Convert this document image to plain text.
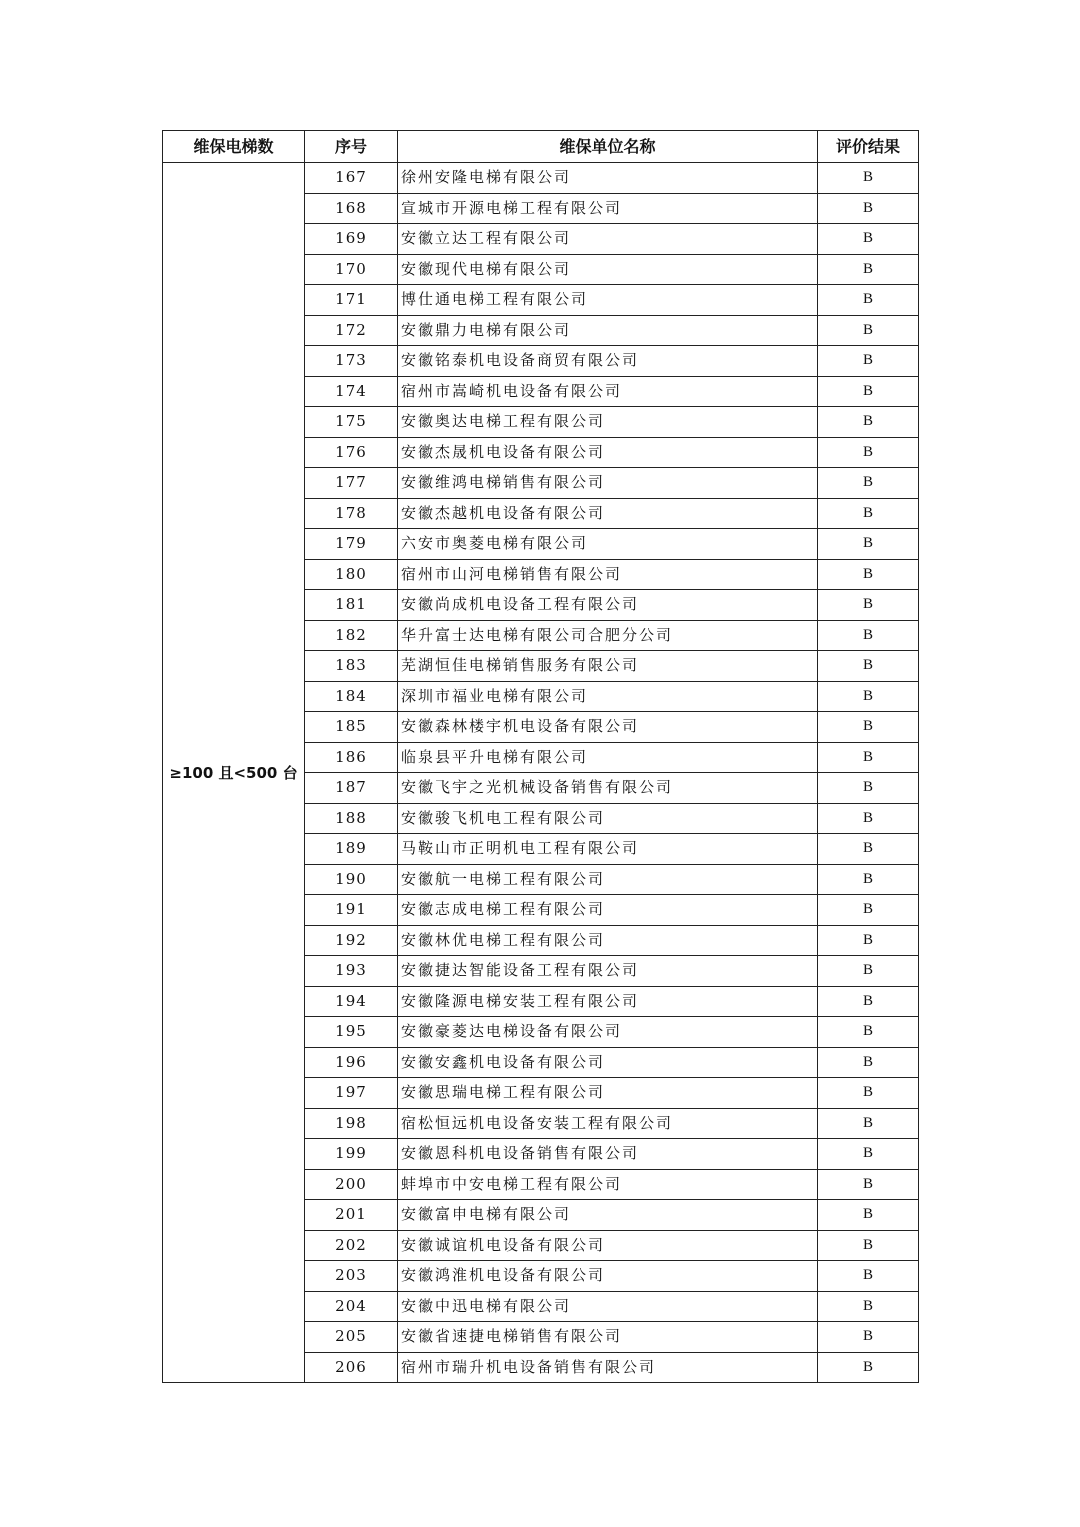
维保电梯数	序号	维保单位名称	评价结果
≥100 且<500 台	167	徐州安隆电梯有限公司	B
	168	宣城市开源电梯工程有限公司	B
	169	安徽立达工程有限公司	B
	170	安徽现代电梯有限公司	B
	171	博仕通电梯工程有限公司	B
	172	安徽鼎力电梯有限公司	B
	173	安徽铭泰机电设备商贸有限公司	B
	174	宿州市嵩崎机电设备有限公司	B
	175	安徽奥达电梯工程有限公司	B
	176	安徽杰晟机电设备有限公司	B
	177	安徽维鸿电梯销售有限公司	B
	178	安徽杰越机电设备有限公司	B
	179	六安市奥菱电梯有限公司	B
	180	宿州市山河电梯销售有限公司	B
	181	安徽尚成机电设备工程有限公司	B
	182	华升富士达电梯有限公司合肥分公司	B
	183	芜湖恒佳电梯销售服务有限公司	B
	184	深圳市福业电梯有限公司	B
	185	安徽森林楼宇机电设备有限公司	B
	186	临泉县平升电梯有限公司	B
	187	安徽飞宇之光机械设备销售有限公司	B
	188	安徽骏飞机电工程有限公司	B
	189	马鞍山市正明机电工程有限公司	B
	190	安徽航一电梯工程有限公司	B
	191	安徽志成电梯工程有限公司	B
	192	安徽林优电梯工程有限公司	B
	193	安徽捷达智能设备工程有限公司	B
	194	安徽隆源电梯安装工程有限公司	B
	195	安徽豪菱达电梯设备有限公司	B
	196	安徽安鑫机电设备有限公司	B
	197	安徽思瑞电梯工程有限公司	B
	198	宿松恒远机电设备安装工程有限公司	B
	199	安徽恩科机电设备销售有限公司	B
	200	蚌埠市中安电梯工程有限公司	B
	201	安徽富申电梯有限公司	B
	202	安徽诚谊机电设备有限公司	B
	203	安徽鸿淮机电设备有限公司	B
	204	安徽中迅电梯有限公司	B
	205	安徽省速捷电梯销售有限公司	B
	206	宿州市瑞升机电设备销售有限公司	B
